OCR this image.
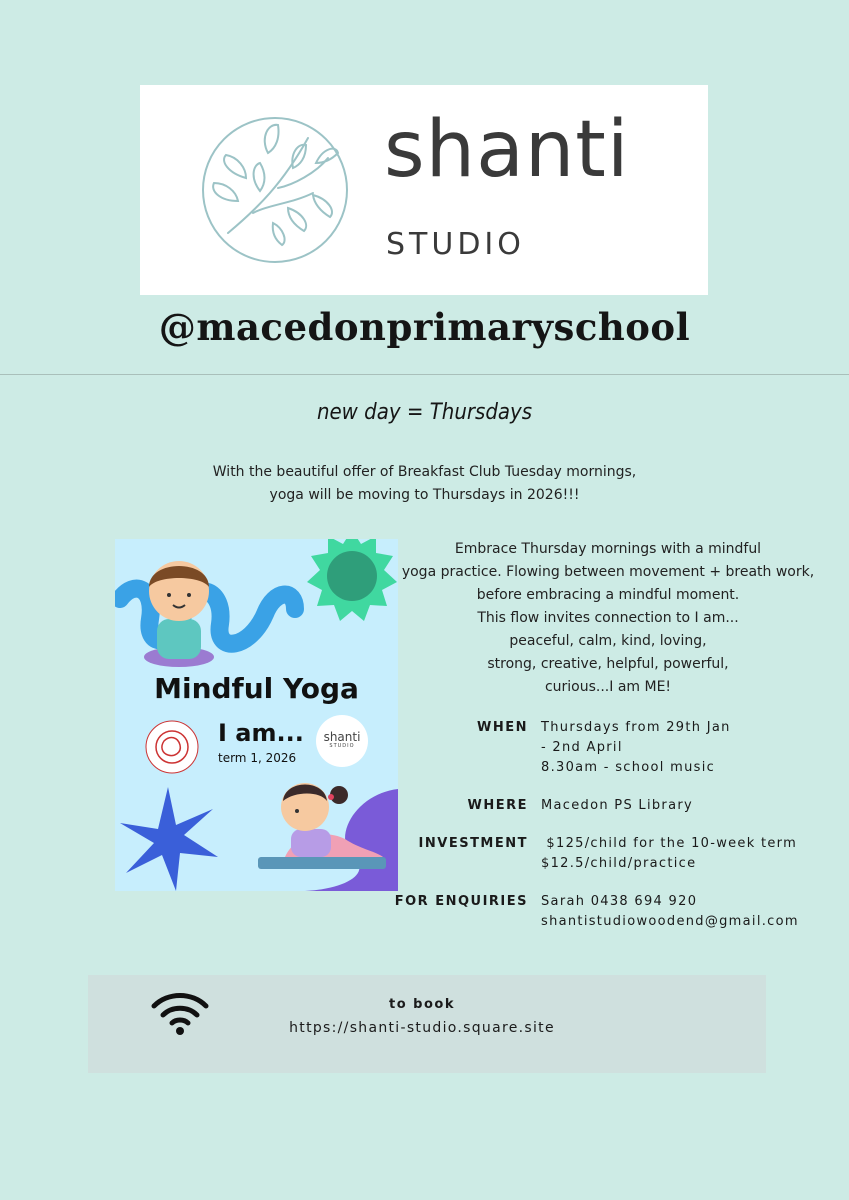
shanti
STUDIO
@macedonprimaryschool
new day = Thursdays
With the beautiful offer of Breakfast Club Tuesday mornings,
yoga will be moving to Thursdays in 2026!!!
Mindful Yoga
I am...
term 1, 2026
shanti
STUDIO
Embrace Thursday mornings with a mindful
yoga practice. Flowing between movement + breath work,
before embracing a mindful moment.
This flow invites connection to I am...
peaceful, calm, kind, loving,
strong, creative, helpful, powerful,
curious...I am ME!
WHEN Thursdays from 29th Jan
- 2nd April
8.30am - school music
WHERE Macedon PS Library
INVESTMENT $125/child for the 10-week term
$12.5/child/practice
FOR ENQUIRIES Sarah 0438 694 920
shantistudiowoodend@gmail.com
to book
https://shanti-studio.square.site
